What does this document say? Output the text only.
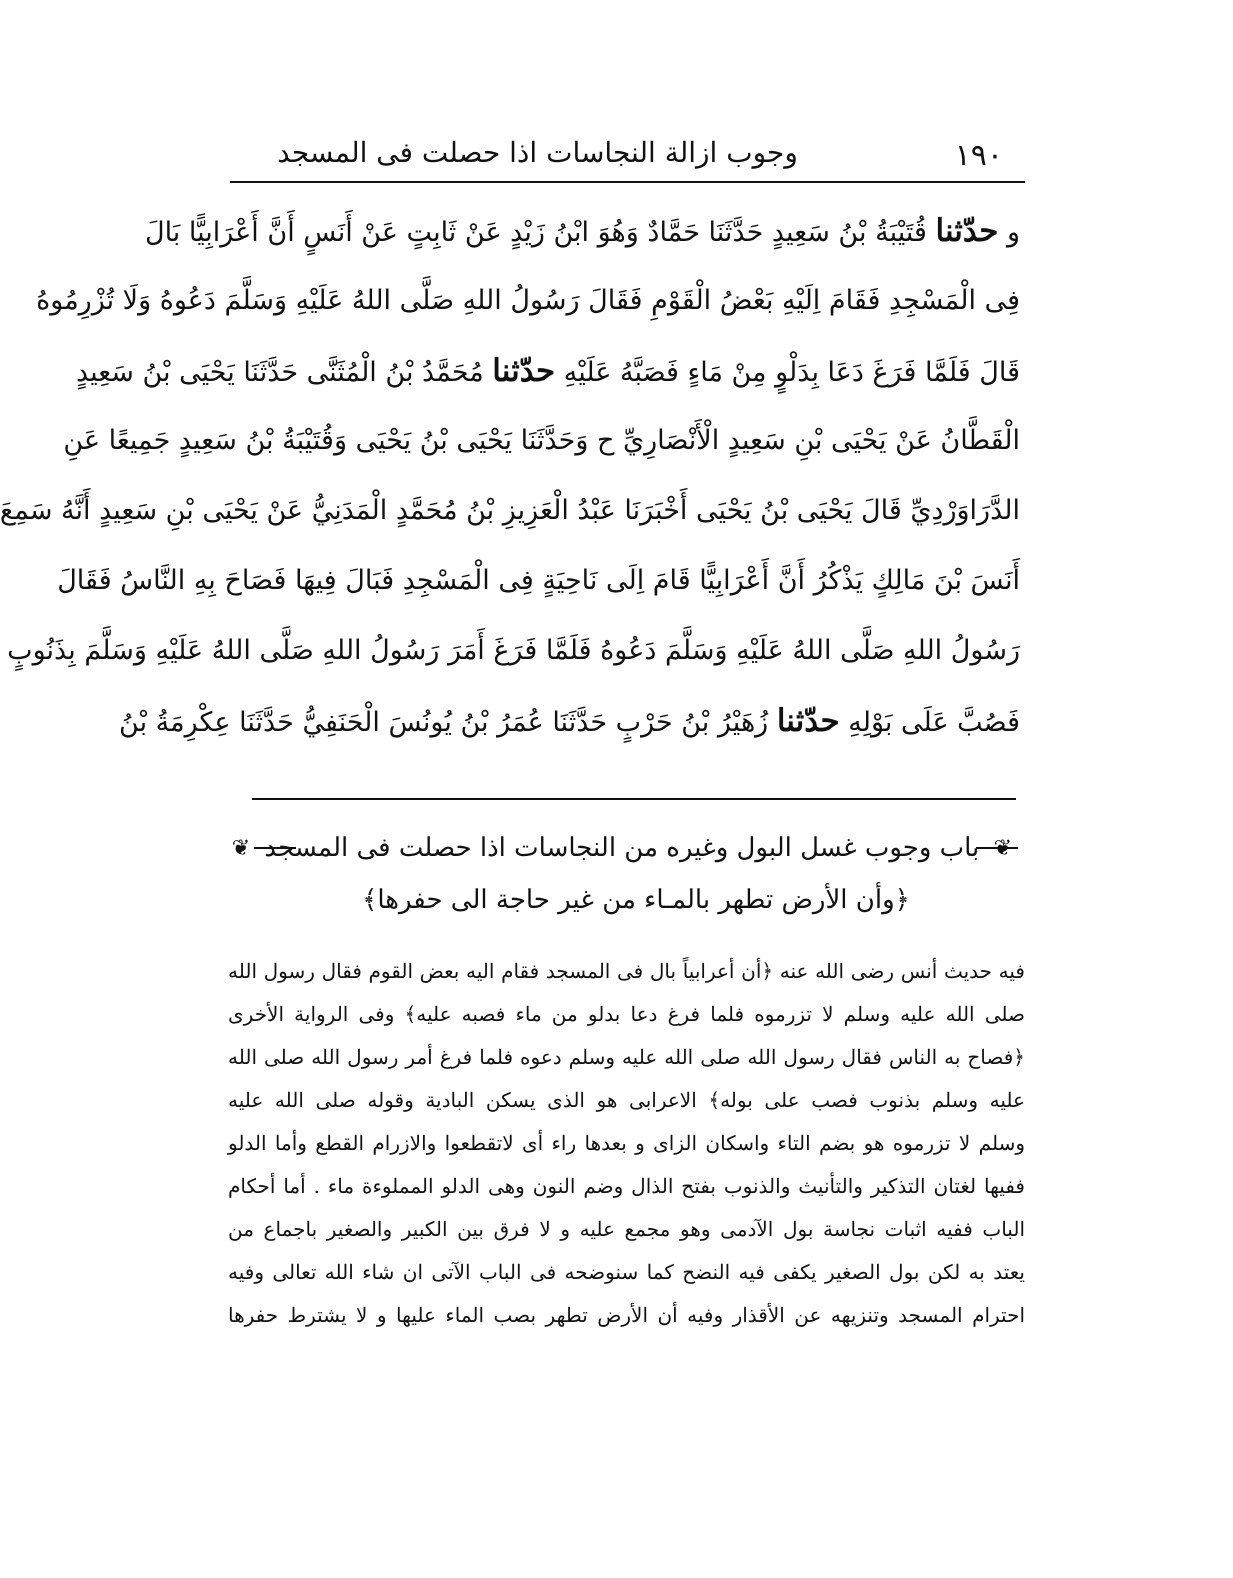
١٩٠
وجوب ازالة النجاسات اذا حصلت فى المسجد
و حدّثنا قُتَيْبَةُ بْنُ سَعِيدٍ حَدَّثَنَا حَمَّادٌ وَهُوَ ابْنُ زَيْدٍ عَنْ ثَابِتٍ عَنْ أَنَسٍ أَنَّ أَعْرَابِيًّا بَالَ
فِى الْمَسْجِدِ فَقَامَ اِلَيْهِ بَعْضُ الْقَوْمِ فَقَالَ رَسُولُ اللهِ صَلَّى اللهُ عَلَيْهِ وَسَلَّمَ دَعُوهُ وَلَا تُزْرِمُوهُ
قَالَ فَلَمَّا فَرَغَ دَعَا بِدَلْوٍ مِنْ مَاءٍ فَصَبَّهُ عَلَيْهِ حدّثنا مُحَمَّدُ بْنُ الْمُثَنَّى حَدَّثَنَا يَحْيَى بْنُ سَعِيدٍ
الْقَطَّانُ عَنْ يَحْيَى بْنِ سَعِيدٍ الْأَنْصَارِيِّ ح وَحَدَّثَنَا يَحْيَى بْنُ يَحْيَى وَقُتَيْبَةُ بْنُ سَعِيدٍ جَمِيعًا عَنِ
الدَّرَاوَرْدِيِّ قَالَ يَحْيَى بْنُ يَحْيَى أَخْبَرَنَا عَبْدُ الْعَزِيزِ بْنُ مُحَمَّدٍ الْمَدَنِيُّ عَنْ يَحْيَى بْنِ سَعِيدٍ أَنَّهُ سَمِعَ
أَنَسَ بْنَ مَالِكٍ يَذْكُرُ أَنَّ أَعْرَابِيًّا قَامَ اِلَى نَاحِيَةٍ فِى الْمَسْجِدِ فَبَالَ فِيهَا فَصَاحَ بِهِ النَّاسُ فَقَالَ
رَسُولُ اللهِ صَلَّى اللهُ عَلَيْهِ وَسَلَّمَ دَعُوهُ فَلَمَّا فَرَغَ أَمَرَ رَسُولُ اللهِ صَلَّى اللهُ عَلَيْهِ وَسَلَّمَ بِذَنُوبٍ
فَصُبَّ عَلَى بَوْلِهِ حدّثنا زُهَيْرُ بْنُ حَرْبٍ حَدَّثَنَا عُمَرُ بْنُ يُونُسَ الْحَنَفِيُّ حَدَّثَنَا عِكْرِمَةُ بْنُ
❦ باب وجوب غسل البول وغيره من النجاسات اذا حصلت فى المسجد ❦
﴿وأن الأرض تطهر بالمـاء من غير حاجة الى حفرها﴾
فيه حديث أنس رضى الله عنه ﴿أن أعرابياً بال فى المسجد فقام اليه بعض القوم فقال رسول الله
صلى الله عليه وسلم لا تزرموه فلما فرغ دعا بدلو من ماء فصبه عليه﴾ وفى الرواية الأخرى
﴿فصاح به الناس فقال رسول الله صلى الله عليه وسلم دعوه فلما فرغ أمر رسول الله صلى الله
عليه وسلم بذنوب فصب على بوله﴾ الاعرابى هو الذى يسكن البادية وقوله صلى الله عليه
وسلم لا تزرموه هو بضم التاء واسكان الزاى و بعدها راء أى لاتقطعوا والازرام القطع وأما الدلو
ففيها لغتان التذكير والتأنيث والذنوب بفتح الذال وضم النون وهى الدلو المملوءة ماء . أما أحكام
الباب ففيه اثبات نجاسة بول الآدمى وهو مجمع عليه و لا فرق بين الكبير والصغير باجماع من
يعتد به لكن بول الصغير يكفى فيه النضح كما سنوضحه فى الباب الآتى ان شاء الله تعالى وفيه
احترام المسجد وتنزيهه عن الأقذار وفيه أن الأرض تطهر بصب الماء عليها و لا يشترط حفرها
